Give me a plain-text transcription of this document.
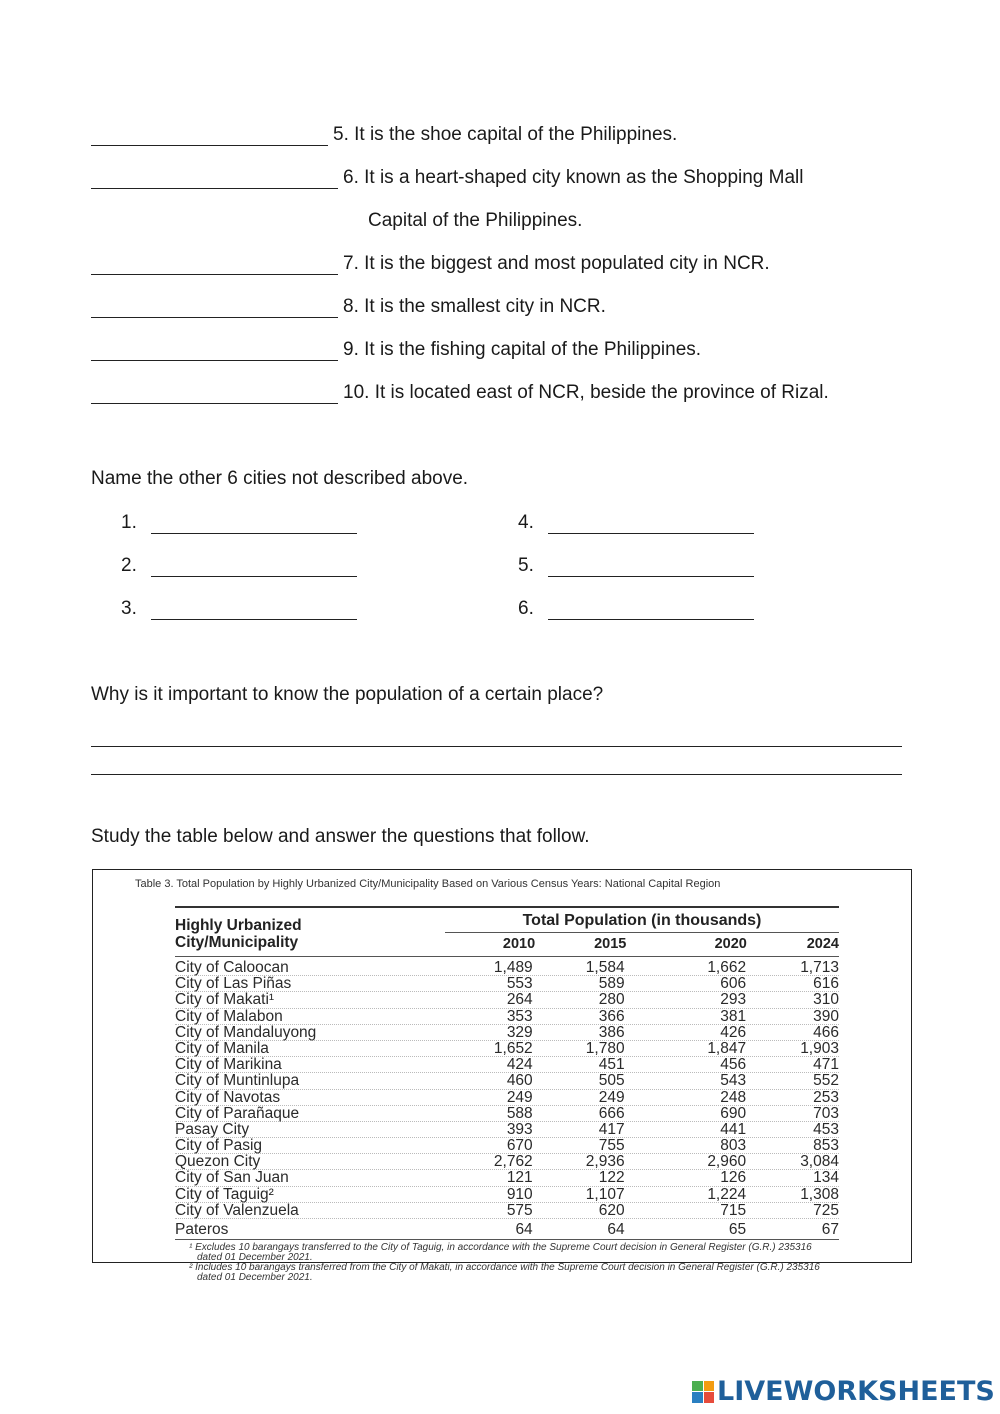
5. It is the shoe capital of the Philippines.
6. It is a heart-shaped city known as the Shopping Mall
Capital of the Philippines.
7. It is the biggest and most populated city in NCR.
8. It is the smallest city in NCR.
9. It is the fishing capital of the Philippines.
10. It is located east of NCR, beside the province of Rizal.
Name the other 6 cities not described above.
1.
2.
3.
4.
5.
6.
Why is it important to know the population of a certain place?
Study the table below and answer the questions that follow.
Table 3. Total Population by Highly Urbanized City/Municipality Based on Various Census Years: National Capital Region
Highly Urbanized
City/Municipality
Total Population (in thousands)
2010	2015	2020	2024
City of Caloocan	1,489	1,584	1,662	1,713
City of Las Piñas	553	589	606	616
City of Makati¹	264	280	293	310
City of Malabon	353	366	381	390
City of Mandaluyong	329	386	426	466
City of Manila	1,652	1,780	1,847	1,903
City of Marikina	424	451	456	471
City of Muntinlupa	460	505	543	552
City of Navotas	249	249	248	253
City of Parañaque	588	666	690	703
Pasay City	393	417	441	453
City of Pasig	670	755	803	853
Quezon City	2,762	2,936	2,960	3,084
City of San Juan	121	122	126	134
City of Taguig²	910	1,107	1,224	1,308
City of Valenzuela	575	620	715	725
Pateros	64	64	65	67
¹ Excludes 10 barangays transferred to the City of Taguig, in accordance with the Supreme Court decision in General Register (G.R.) 235316 dated 01 December 2021.
² Includes 10 barangays transferred from the City of Makati, in accordance with the Supreme Court decision in General Register (G.R.) 235316 dated 01 December 2021.
LIVEWORKSHEETS
